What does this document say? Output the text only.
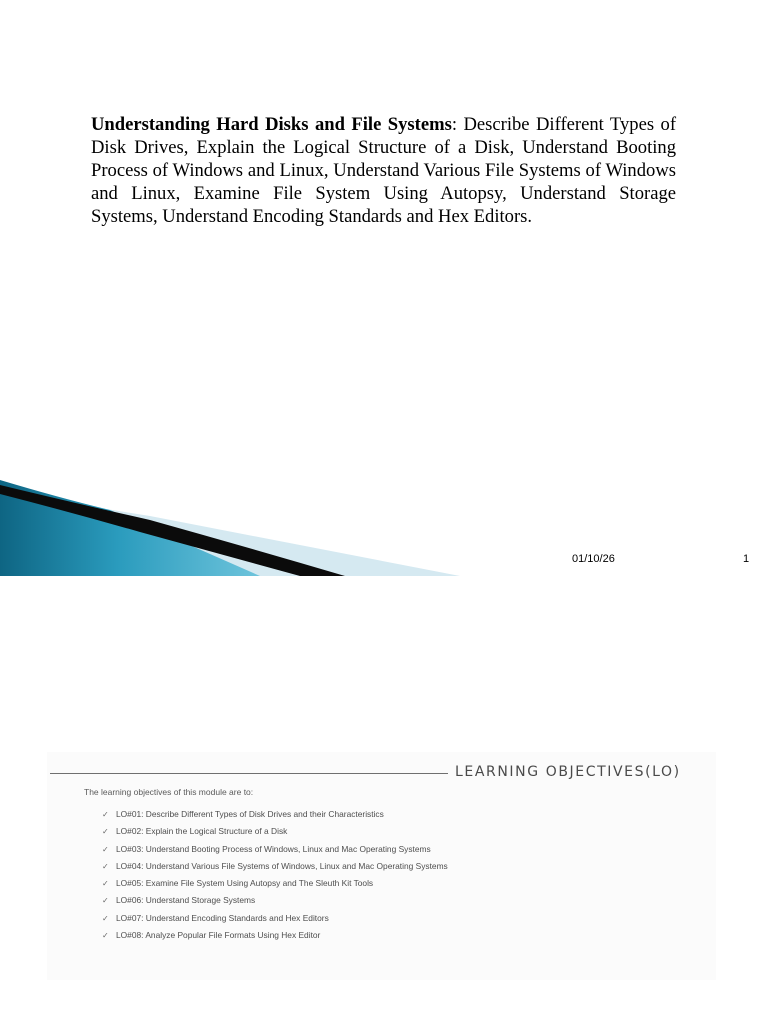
Understanding Hard Disks and File Systems: Describe Different Types of Disk Drives, Explain the Logical Structure of a Disk, Understand Booting Process of Windows and Linux, Understand Various File Systems of Windows and Linux, Examine File System Using Autopsy, Understand Storage Systems, Understand Encoding Standards and Hex Editors.

01/10/26	1
LEARNING OBJECTIVES(LO)
The learning objectives of this module are to:
✓ LO#01: Describe Different Types of Disk Drives and their Characteristics
✓ LO#02: Explain the Logical Structure of a Disk
✓ LO#03: Understand Booting Process of Windows, Linux and Mac Operating Systems
✓ LO#04: Understand Various File Systems of Windows, Linux and Mac Operating Systems
✓ LO#05: Examine File System Using Autopsy and The Sleuth Kit Tools
✓ LO#06: Understand Storage Systems
✓ LO#07: Understand Encoding Standards and Hex Editors
✓ LO#08: Analyze Popular File Formats Using Hex Editor
